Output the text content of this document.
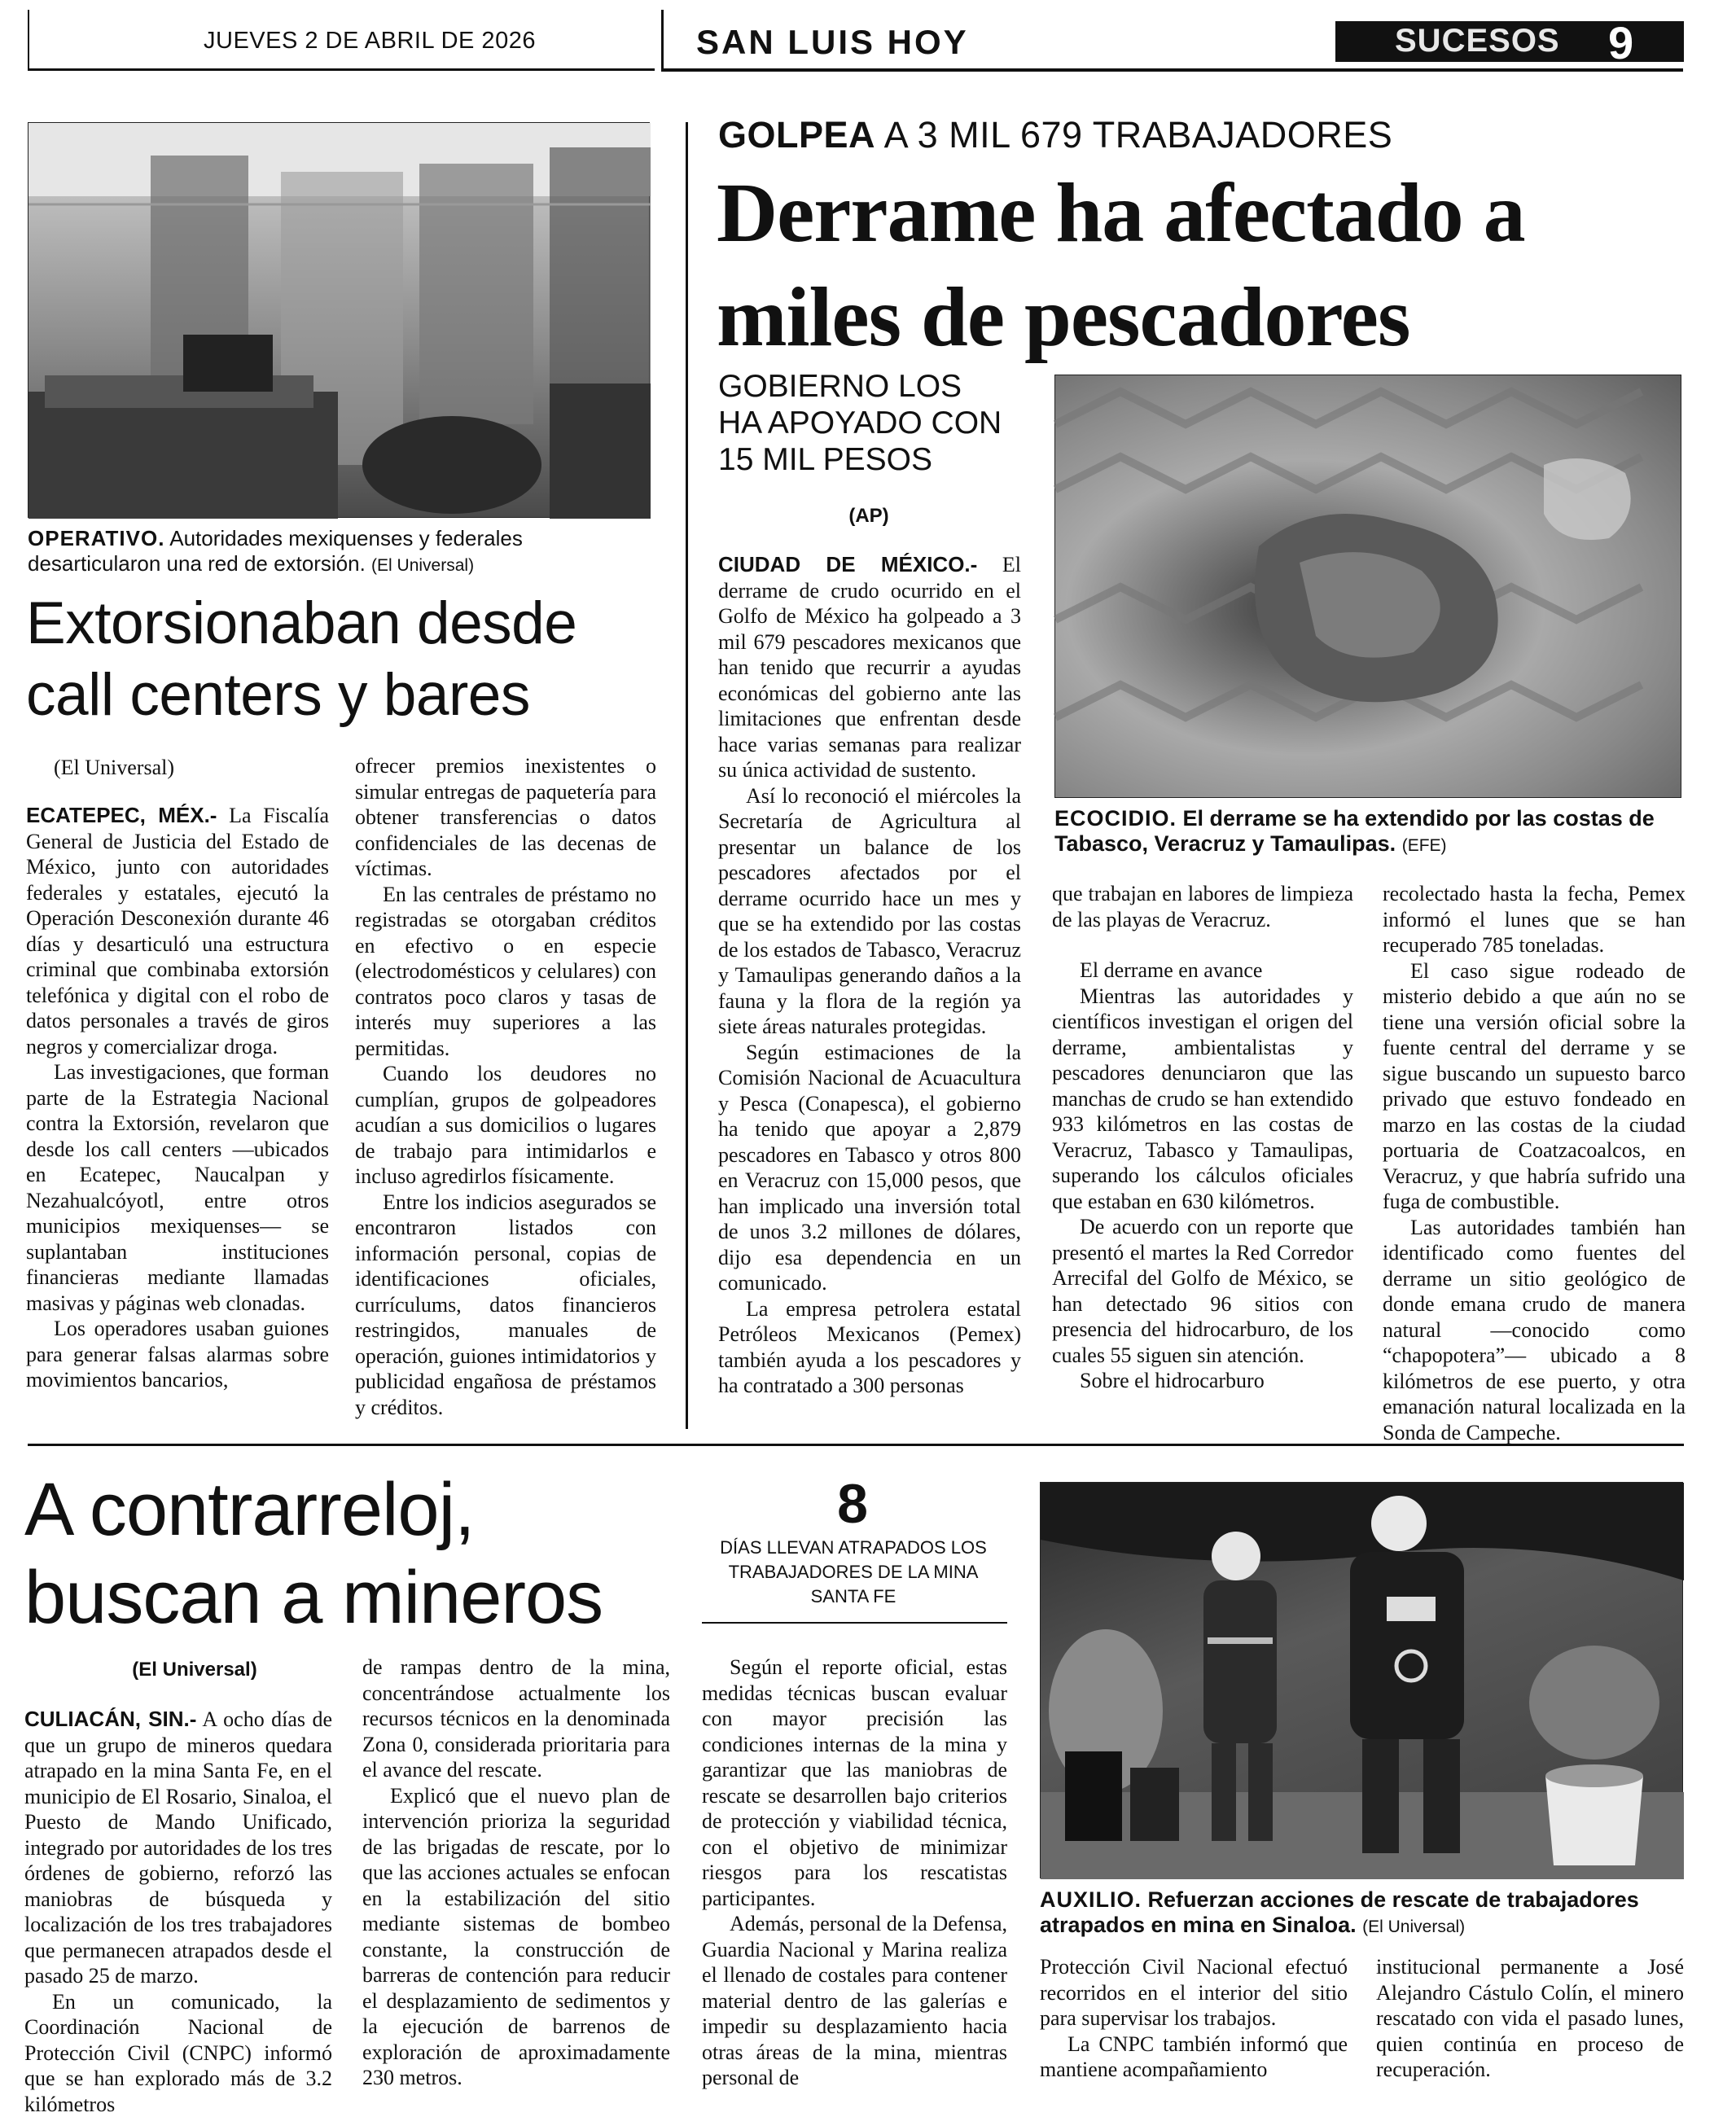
JUEVES 2 DE ABRIL DE 2026	SAN LUIS HOY	SUCESOS 9
OPERATIVO. Autoridades mexiquenses y federales desarticularon una red de extorsión. (El Universal)
Extorsionaban desde call centers y bares
(El Universal)

ECATEPEC, MÉX.- La Fiscalía General de Justicia del Estado de México, junto con autoridades federales y estatales, ejecutó la Operación Desconexión durante 46 días y desarticuló una estructura criminal que combinaba extorsión telefónica y digital con el robo de datos personales a través de giros negros y comercializar droga.

Las investigaciones, que forman parte de la Estrategia Nacional contra la Extorsión, revelaron que desde los call centers —ubicados en Ecatepec, Naucalpan y Nezahualcóyotl, entre otros municipios mexiquenses— se suplantaban instituciones financieras mediante llamadas masivas y páginas web clonadas.

Los operadores usaban guiones para generar falsas alarmas sobre movimientos bancarios,

ofrecer premios inexistentes o simular entregas de paquetería para obtener transferencias o datos confidenciales de las decenas de víctimas.

En las centrales de préstamo no registradas se otorgaban créditos en efectivo o en especie (electrodomésticos y celulares) con contratos poco claros y tasas de interés muy superiores a las permitidas.

Cuando los deudores no cumplían, grupos de golpeadores acudían a sus domicilios o lugares de trabajo para intimidarlos e incluso agredirlos físicamente.

Entre los indicios asegurados se encontraron listados con información personal, copias de identificaciones oficiales, currículums, datos financieros restringidos, manuales de operación, guiones intimidatorios y publicidad engañosa de préstamos y créditos.

GOLPEA A 3 MIL 679 TRABAJADORES
Derrame ha afectado a miles de pescadores
GOBIERNO LOS HA APOYADO CON 15 MIL PESOS
(AP)
ECOCIDIO. El derrame se ha extendido por las costas de Tabasco, Veracruz y Tamaulipas. (EFE)

CIUDAD DE MÉXICO.- El derrame de crudo ocurrido en el Golfo de México ha golpeado a 3 mil 679 pescadores mexicanos que han tenido que recurrir a ayudas económicas del gobierno ante las limitaciones que enfrentan desde hace varias semanas para realizar su única actividad de sustento.

Así lo reconoció el miércoles la Secretaría de Agricultura al presentar un balance de los pescadores afectados por el derrame ocurrido hace un mes y que se ha extendido por las costas de los estados de Tabasco, Veracruz y Tamaulipas generando daños a la fauna y la flora de la región ya siete áreas naturales protegidas.

Según estimaciones de la Comisión Nacional de Acuacultura y Pesca (Conapesca), el gobierno ha tenido que apoyar a 2,879 pescadores en Tabasco y otros 800 en Veracruz con 15,000 pesos, que han implicado una inversión total de unos 3.2 millones de dólares, dijo esa dependencia en un comunicado.

La empresa petrolera estatal Petróleos Mexicanos (Pemex) también ayuda a los pescadores y ha contratado a 300 personas

que trabajan en labores de limpieza de las playas de Veracruz.

El derrame en avance

Mientras las autoridades y científicos investigan el origen del derrame, ambientalistas y pescadores denunciaron que las manchas de crudo se han extendido 933 kilómetros en las costas de Veracruz, Tabasco y Tamaulipas, superando los cálculos oficiales que estaban en 630 kilómetros.

De acuerdo con un reporte que presentó el martes la Red Corredor Arrecifal del Golfo de México, se han detectado 96 sitios con presencia del hidrocarburo, de los cuales 55 siguen sin atención.

Sobre el hidrocarburo

recolectado hasta la fecha, Pemex informó el lunes que se han recuperado 785 toneladas.

El caso sigue rodeado de misterio debido a que aún no se tiene una versión oficial sobre la fuente central del derrame y se sigue buscando un supuesto barco privado que estuvo fondeado en marzo en las costas de la ciudad portuaria de Coatzacoalcos, en Veracruz, y que habría sufrido una fuga de combustible.

Las autoridades también han identificado como fuentes del derrame un sitio geológico de donde emana crudo de manera natural —conocido como “chapopotera”— ubicado a 8 kilómetros de ese puerto, y otra emanación natural localizada en la Sonda de Campeche.

A contrarreloj, buscan a mineros
(El Universal)
8
DÍAS LLEVAN ATRAPADOS LOS TRABAJADORES DE LA MINA SANTA FE
AUXILIO. Refuerzan acciones de rescate de trabajadores atrapados en mina en Sinaloa. (El Universal)

CULIACÁN, SIN.- A ocho días de que un grupo de mineros quedara atrapado en la mina Santa Fe, en el municipio de El Rosario, Sinaloa, el Puesto de Mando Unificado, integrado por autoridades de los tres órdenes de gobierno, reforzó las maniobras de búsqueda y localización de los tres trabajadores que permanecen atrapados desde el pasado 25 de marzo.

En un comunicado, la Coordinación Nacional de Protección Civil (CNPC) informó que se han explorado más de 3.2 kilómetros

de rampas dentro de la mina, concentrándose actualmente los recursos técnicos en la denominada Zona 0, considerada prioritaria para el avance del rescate.

Explicó que el nuevo plan de intervención prioriza la seguridad de las brigadas de rescate, por lo que las acciones actuales se enfocan en la estabilización del sitio mediante sistemas de bombeo constante, la construcción de barreras de contención para reducir el desplazamiento de sedimentos y la ejecución de barrenos de exploración de aproximadamente 230 metros.

Según el reporte oficial, estas medidas técnicas buscan evaluar con mayor precisión las condiciones internas de la mina y garantizar que las maniobras de rescate se desarrollen bajo criterios de protección y viabilidad técnica, con el objetivo de minimizar riesgos para los rescatistas participantes.

Además, personal de la Defensa, Guardia Nacional y Marina realiza el llenado de costales para contener material dentro de las galerías e impedir su desplazamiento hacia otras áreas de la mina, mientras personal de

Protección Civil Nacional efectuó recorridos en el interior del sitio para supervisar los trabajos.

La CNPC también informó que mantiene acompañamiento

institucional permanente a José Alejandro Cástulo Colín, el minero rescatado con vida el pasado lunes, quien continúa en proceso de recuperación.
